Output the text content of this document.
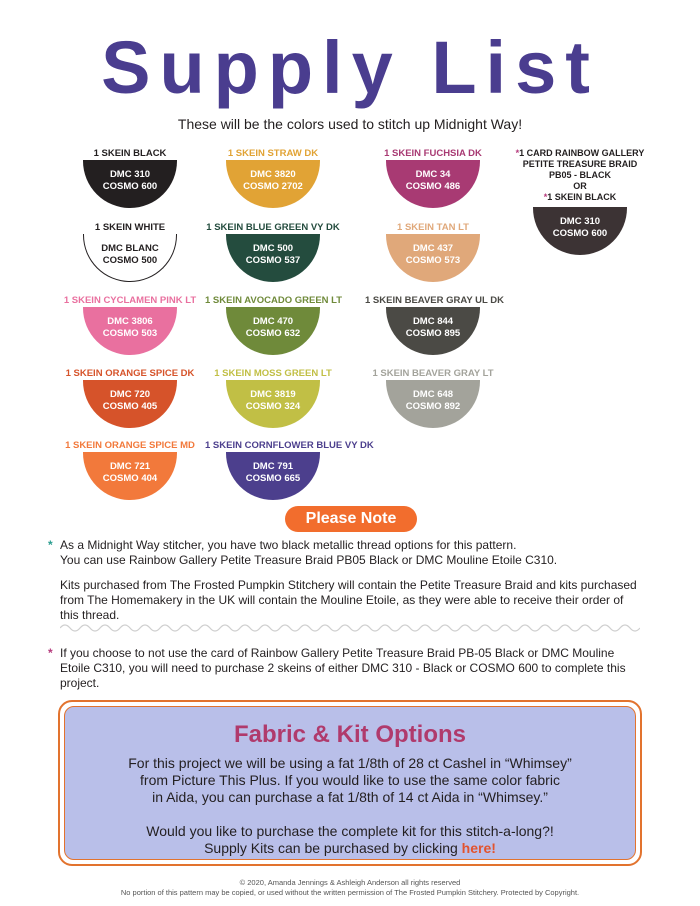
Supply List
These will be the colors used to stitch up Midnight Way!
1 SKEIN BLACK
DMC 310
COSMO 600
1 SKEIN STRAW DK
DMC 3820
COSMO 2702
1 SKEIN FUCHSIA DK
DMC 34
COSMO 486
1 SKEIN WHITE
DMC BLANC
COSMO 500
1 SKEIN BLUE GREEN VY DK
DMC 500
COSMO 537
1 SKEIN TAN LT
DMC 437
COSMO 573
1 SKEIN CYCLAMEN PINK LT
DMC 3806
COSMO 503
1 SKEIN AVOCADO GREEN LT
DMC 470
COSMO 632
1 SKEIN BEAVER GRAY UL DK
DMC 844
COSMO 895
1 SKEIN ORANGE SPICE DK
DMC 720
COSMO 405
1 SKEIN MOSS GREEN LT
DMC 3819
COSMO 324
1 SKEIN BEAVER GRAY LT
DMC 648
COSMO 892
1 SKEIN ORANGE SPICE MD
DMC 721
COSMO 404
1 SKEIN CORNFLOWER BLUE VY DK
DMC 791
COSMO 665
*1 CARD RAINBOW GALLERY
PETITE TREASURE BRAID
PB05 - BLACK
OR
*1 SKEIN BLACK
DMC 310
COSMO 600
Please Note
* As a Midnight Way stitcher, you have two black metallic thread options for this pattern.
You can use Rainbow Gallery Petite Treasure Braid PB05 Black or DMC Mouline Etoile C310.
Kits purchased from The Frosted Pumpkin Stitchery will contain the Petite Treasure Braid and kits purchased from The Homemakery in the UK will contain the Mouline Etoile, as they were able to receive their order of this thread.
* If you choose to not use the card of Rainbow Gallery Petite Treasure Braid PB-05 Black or DMC Mouline Etoile C310, you will need to purchase 2 skeins of either DMC 310 - Black or COSMO 600 to complete this project.
Fabric & Kit Options
For this project we will be using a fat 1/8th of 28 ct Cashel in “Whimsey”
from Picture This Plus. If you would like to use the same color fabric
in Aida, you can purchase a fat 1/8th of 14 ct Aida in “Whimsey.”
Would you like to purchase the complete kit for this stitch-a-long?!
Supply Kits can be purchased by clicking here!
© 2020, Amanda Jennings & Ashleigh Anderson all rights reserved
No portion of this pattern may be copied, or used without the written permission of The Frosted Pumpkin Stitchery. Protected by Copyright.
